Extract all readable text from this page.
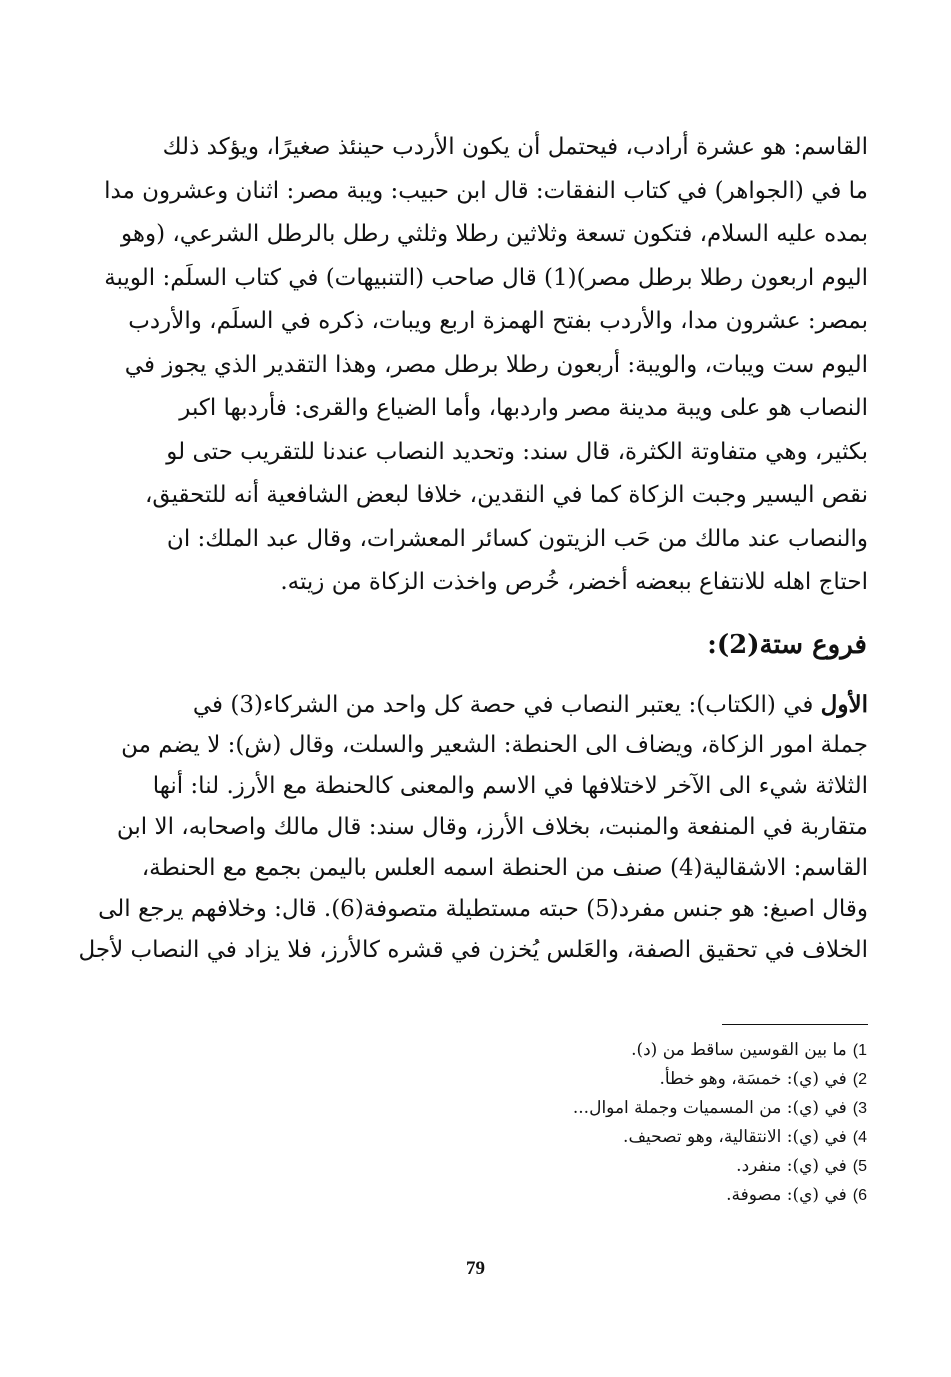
القاسم: هو عشرة أرادب، فيحتمل أن يكون الأردب حينئذ صغيرًا، ويؤكد ذلك
ما في (الجواهر) في كتاب النفقات: قال ابن حبيب: ويبة مصر: اثنان وعشرون مدا
بمده عليه السلام، فتكون تسعة وثلاثين رطلا وثلثي رطل بالرطل الشرعي، (وهو
اليوم اربعون رطلا برطل مصر)(1) قال صاحب (التنبيهات) في كتاب السلَم: الويبة
بمصر: عشرون مدا، والأردب بفتح الهمزة اربع ويبات، ذكره في السلَم، والأردب
اليوم ست ويبات، والويبة: أربعون رطلا برطل مصر، وهذا التقدير الذي يجوز في
النصاب هو على ويبة مدينة مصر واردبها، وأما الضياع والقرى: فأردبها اكبر
بكثير، وهي متفاوتة الكثرة، قال سند: وتحديد النصاب عندنا للتقريب حتى لو
نقص اليسير وجبت الزكاة كما في النقدين، خلافا لبعض الشافعية أنه للتحقيق،
والنصاب عند مالك من حَب الزيتون كسائر المعشرات، وقال عبد الملك: ان
احتاج اهله للانتفاع ببعضه أخضر، خُرص واخذت الزكاة من زيته.
فروع ستة(2):
الأول في (الكتاب): يعتبر النصاب في حصة كل واحد من الشركاء(3) في
جملة امور الزكاة، ويضاف الى الحنطة: الشعير والسلت، وقال (ش): لا يضم من
الثلاثة شيء الى الآخر لاختلافها في الاسم والمعنى كالحنطة مع الأرز. لنا: أنها
متقاربة في المنفعة والمنبت، بخلاف الأرز، وقال سند: قال مالك واصحابه، الا ابن
القاسم: الاشقالية(4) صنف من الحنطة اسمه العلس باليمن بجمع مع الحنطة،
وقال اصبغ: هو جنس مفرد(5) حبته مستطيلة متصوفة(6). قال: وخلافهم يرجع الى
الخلاف في تحقيق الصفة، والعَلس يُخزن في قشره كالأرز، فلا يزاد في النصاب لأجل
1)ما بين القوسين ساقط من (د).
2)في (ي): خمسَة، وهو خطأ.
3)في (ي): من المسميات وجملة اموال...
4)في (ي): الانتقالية، وهو تصحيف.
5)في (ي): منفرد.
6)في (ي): مصوفة.
79
